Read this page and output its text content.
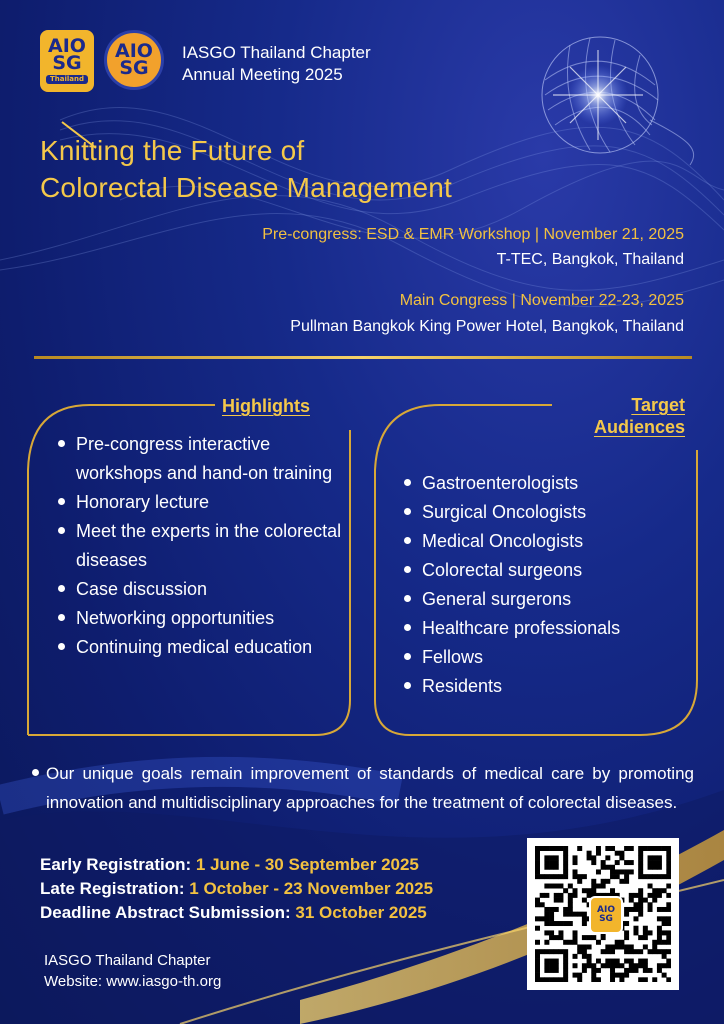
AIO
SG
Thailand
AIO
SG
IASGO Thailand Chapter
Annual Meeting 2025
Knitting the Future of
Colorectal Disease Management
Pre-congress: ESD & EMR Workshop | November 21, 2025
T-TEC, Bangkok, Thailand
Main Congress | November 22-23, 2025
Pullman Bangkok King Power Hotel, Bangkok, Thailand
Highlights
Pre-congress interactive workshops and hand-on training
Honorary lecture
Meet the experts in the colorectal diseases
Case discussion
Networking opportunities
Continuing medical education
Target
Audiences
Gastroenterologists
Surgical Oncologists
Medical Oncologists
Colorectal surgeons
General surgerons
Healthcare professionals
Fellows
Residents
Our unique goals remain improvement of standards of medical care by promoting innovation and multidisciplinary approaches for the treatment of colorectal diseases.
Early Registration: 1 June - 30 September 2025
Late Registration: 1 October - 23 November 2025
Deadline Abstract Submission: 31 October 2025
IASGO Thailand Chapter
Website: www.iasgo-th.org
AIO
SG
